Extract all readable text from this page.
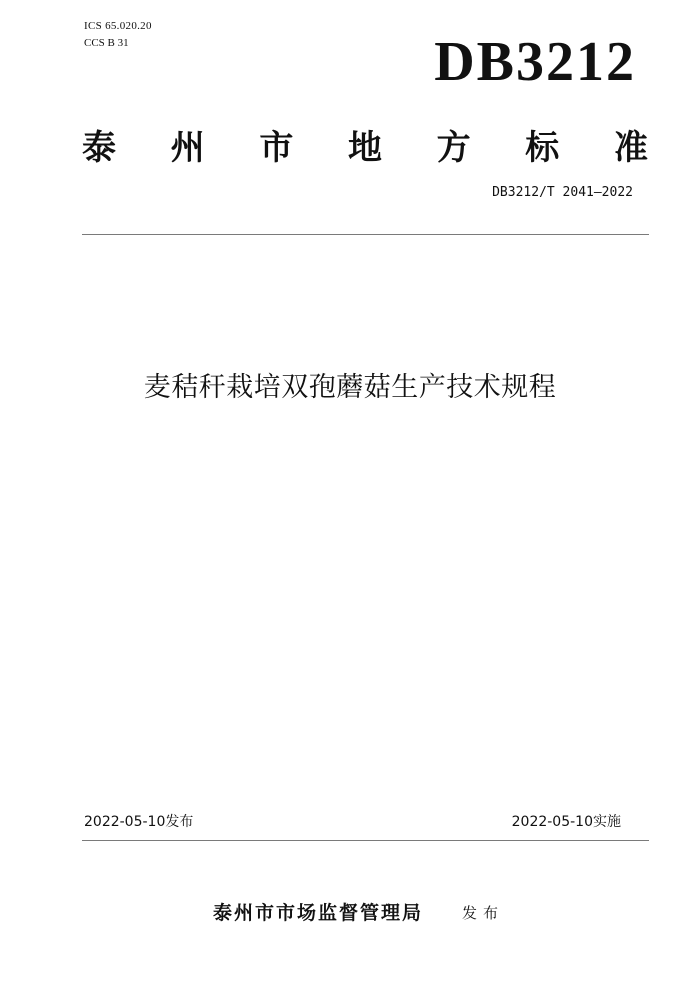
ICS 65.020.20
CCS B 31	DB3212
泰 州 市 地 方 标 准
DB3212/T 2041—2022
麦秸秆栽培双孢蘑菇生产技术规程
2022-05-10发布	2022-05-10实施
泰州市市场监督管理局	发布
